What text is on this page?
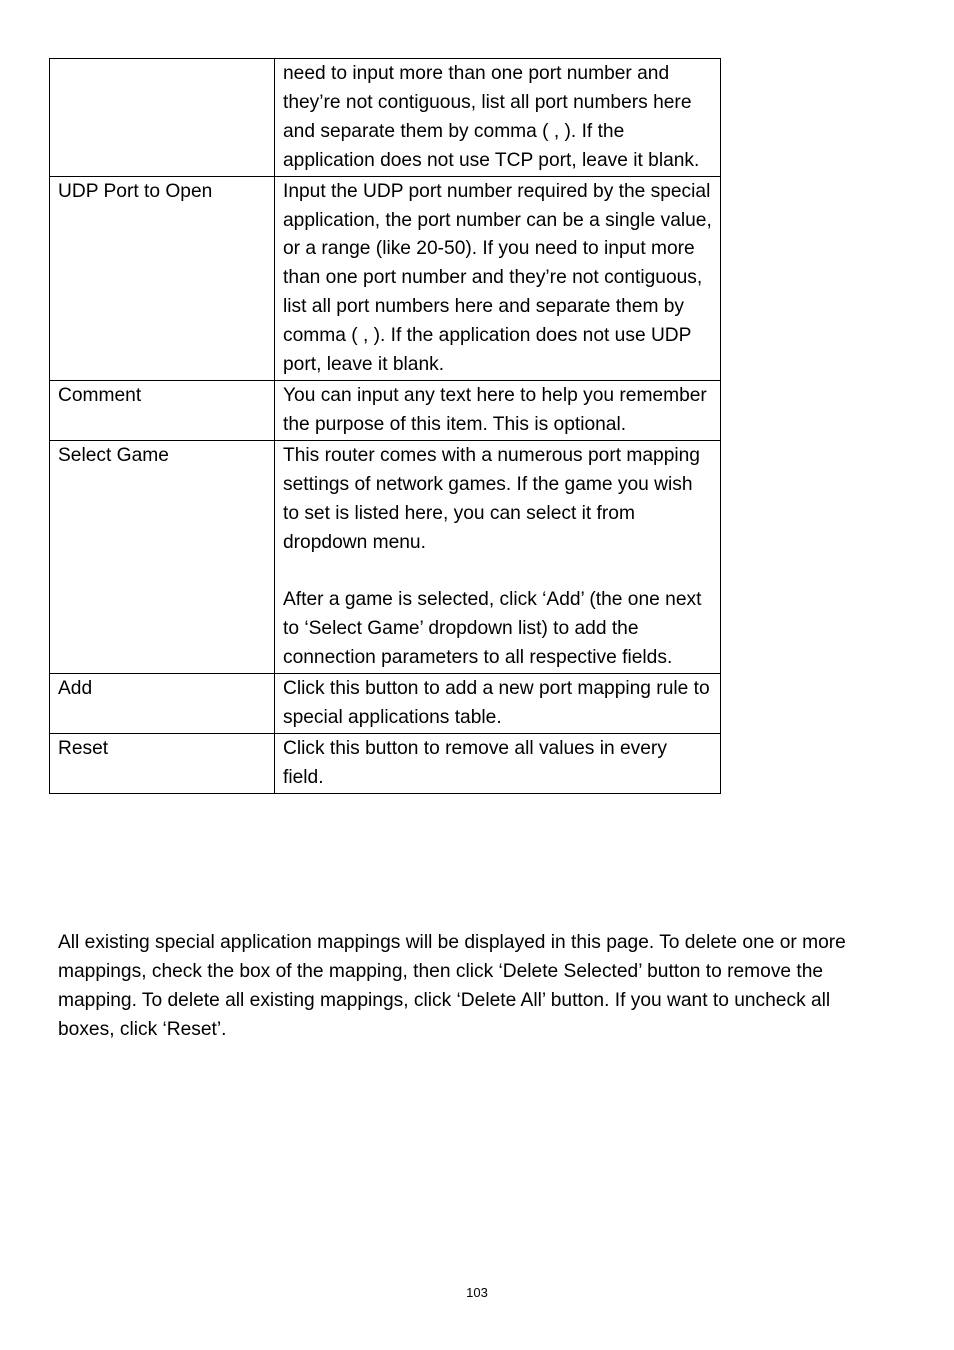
	need to input more than one port number and they’re not contiguous, list all port numbers here and separate them by comma ( , ). If the application does not use TCP port, leave it blank.
UDP Port to Open	Input the UDP port number required by the special application, the port number can be a single value, or a range (like 20-50). If you need to input more than one port number and they’re not contiguous, list all port numbers here and separate them by comma ( , ). If the application does not use UDP port, leave it blank.
Comment	You can input any text here to help you remember the purpose of this item. This is optional.
Select Game	This router comes with a numerous port mapping settings of network games. If the game you wish to set is listed here, you can select it from dropdown menu.
After a game is selected, click ‘Add’ (the one next to ‘Select Game’ dropdown list) to add the connection parameters to all respective fields.
Add	Click this button to add a new port mapping rule to special applications table.
Reset	Click this button to remove all values in every field.

All existing special application mappings will be displayed in this page. To delete one or more mappings, check the box of the mapping, then click ‘Delete Selected’ button to remove the mapping. To delete all existing mappings, click ‘Delete All’ button. If you want to uncheck all boxes, click ‘Reset’.

103
